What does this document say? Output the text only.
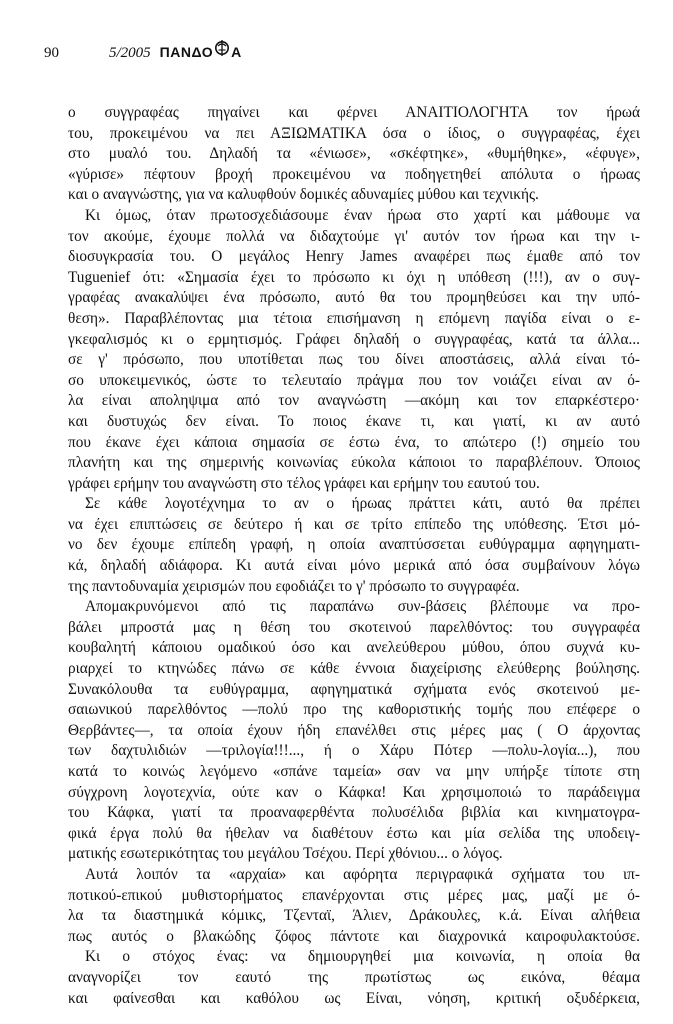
90	5/2005 ΠΑΝΔΟ Α

ο συγγραφέας πηγαίνει και φέρνει ΑΝΑΙΤΙΟΛΟΓΗΤΑ τον ήρωά

του, προκειμένου να πει ΑΞΙΩΜΑΤΙΚΑ όσα ο ίδιος, ο συγγραφέας, έχει

στο μυαλό του. Δηλαδή τα «ένιωσε», «σκέφτηκε», «θυμήθηκε», «έφυγε»,

«γύρισε» πέφτουν βροχή προκειμένου να ποδηγετηθεί απόλυτα ο ήρωας

και ο αναγνώστης, για να καλυφθούν δομικές αδυναμίες μύθου και τεχνικής.

Κι όμως, όταν πρωτοσχεδιάσουμε έναν ήρωα στο χαρτί και μάθουμε να

τον ακούμε, έχουμε πολλά να διδαχτούμε γι' αυτόν τον ήρωα και την ι-

διοσυγκρασία του. Ο μεγάλος Henry James αναφέρει πως έμαθε από τον

Tuguenief ότι: «Σημασία έχει το πρόσωπο κι όχι η υπόθεση (!!!), αν ο συγ-

γραφέας ανακαλύψει ένα πρόσωπο, αυτό θα του προμηθεύσει και την υπό-

θεση». Παραβλέποντας μια τέτοια επισήμανση η επόμενη παγίδα είναι ο ε-

γκεφαλισμός κι ο ερμητισμός. Γράφει δηλαδή ο συγγραφέας, κατά τα άλλα...

σε γ' πρόσωπο, που υποτίθεται πως του δίνει αποστάσεις, αλλά είναι τό-

σο υποκειμενικός, ώστε το τελευταίο πράγμα που τον νοιάζει είναι αν ό-

λα είναι αποληψιμα από τον αναγνώστη —ακόμη και τον επαρκέστερο·

και δυστυχώς δεν είναι. Το ποιος έκανε τι, και γιατί, κι αν αυτό

που έκανε έχει κάποια σημασία σε έστω ένα, το απώτερο (!) σημείο του

πλανήτη και της σημερινής κοινωνίας εύκολα κάποιοι το παραβλέπουν. Όποιος

γράφει ερήμην του αναγνώστη στο τέλος γράφει και ερήμην του εαυτού του.

Σε κάθε λογοτέχνημα το αν ο ήρωας πράττει κάτι, αυτό θα πρέπει

να έχει επιπτώσεις σε δεύτερο ή και σε τρίτο επίπεδο της υπόθεσης. Έτσι μό-

νο δεν έχουμε επίπεδη γραφή, η οποία αναπτύσσεται ευθύγραμμα αφηγηματι-

κά, δηλαδή αδιάφορα. Κι αυτά είναι μόνο μερικά από όσα συμβαίνουν λόγω

της παντοδυναμία χειρισμών που εφοδιάζει το γ' πρόσωπο το συγγραφέα.

Απομακρυνόμενοι από τις παραπάνω συν-βάσεις βλέπουμε να προ-

βάλει μπροστά μας η θέση του σκοτεινού παρελθόντος: του συγγραφέα

κουβαλητή κάποιου ομαδικού όσο και ανελεύθερου μύθου, όπου συχνά κυ-

ριαρχεί το κτηνώδες πάνω σε κάθε έννοια διαχείρισης ελεύθερης βούλησης.

Συνακόλουθα τα ευθύγραμμα, αφηγηματικά σχήματα ενός σκοτεινού με-

σαιωνικού παρελθόντος —πολύ προ της καθοριστικής τομής που επέφερε ο

Θερβάντες—, τα οποία έχουν ήδη επανέλθει στις μέρες μας ( Ο άρχοντας

των δαχτυλιδιών —τριλογία!!!..., ή ο Χάρυ Πότερ —πολυ-λογία...), που

κατά το κοινώς λεγόμενο «σπάνε ταμεία» σαν να μην υπήρξε τίποτε στη

σύγχρονη λογοτεχνία, ούτε καν ο Κάφκα! Και χρησιμοποιώ το παράδειγμα

του Κάφκα, γιατί τα προαναφερθέντα πολυσέλιδα βιβλία και κινηματογρα-

φικά έργα πολύ θα ήθελαν να διαθέτουν έστω και μία σελίδα της υποδειγ-

ματικής εσωτερικότητας του μεγάλου Τσέχου. Περί χθόνιου... ο λόγος.

Αυτά λοιπόν τα «αρχαία» και αφόρητα περιγραφικά σχήματα του ιπ-

ποτικού-επικού μυθιστορήματος επανέρχονται στις μέρες μας, μαζί με ό-

λα τα διαστημικά κόμικς, Τζενταϊ, Άλιεν, Δράκουλες, κ.ά. Είναι αλήθεια

πως αυτός ο βλακώδης ζόφος πάντοτε και διαχρονικά καιροφυλακτούσε.

Κι ο στόχος ένας: να δημιουργηθεί μια κοινωνία, η οποία θα

αναγνορίζει τον εαυτό της πρωτίστως ως εικόνα, θέαμα

και φαίνεσθαι και καθόλου ως Είναι, νόηση, κριτική οξυδέρκεια,
